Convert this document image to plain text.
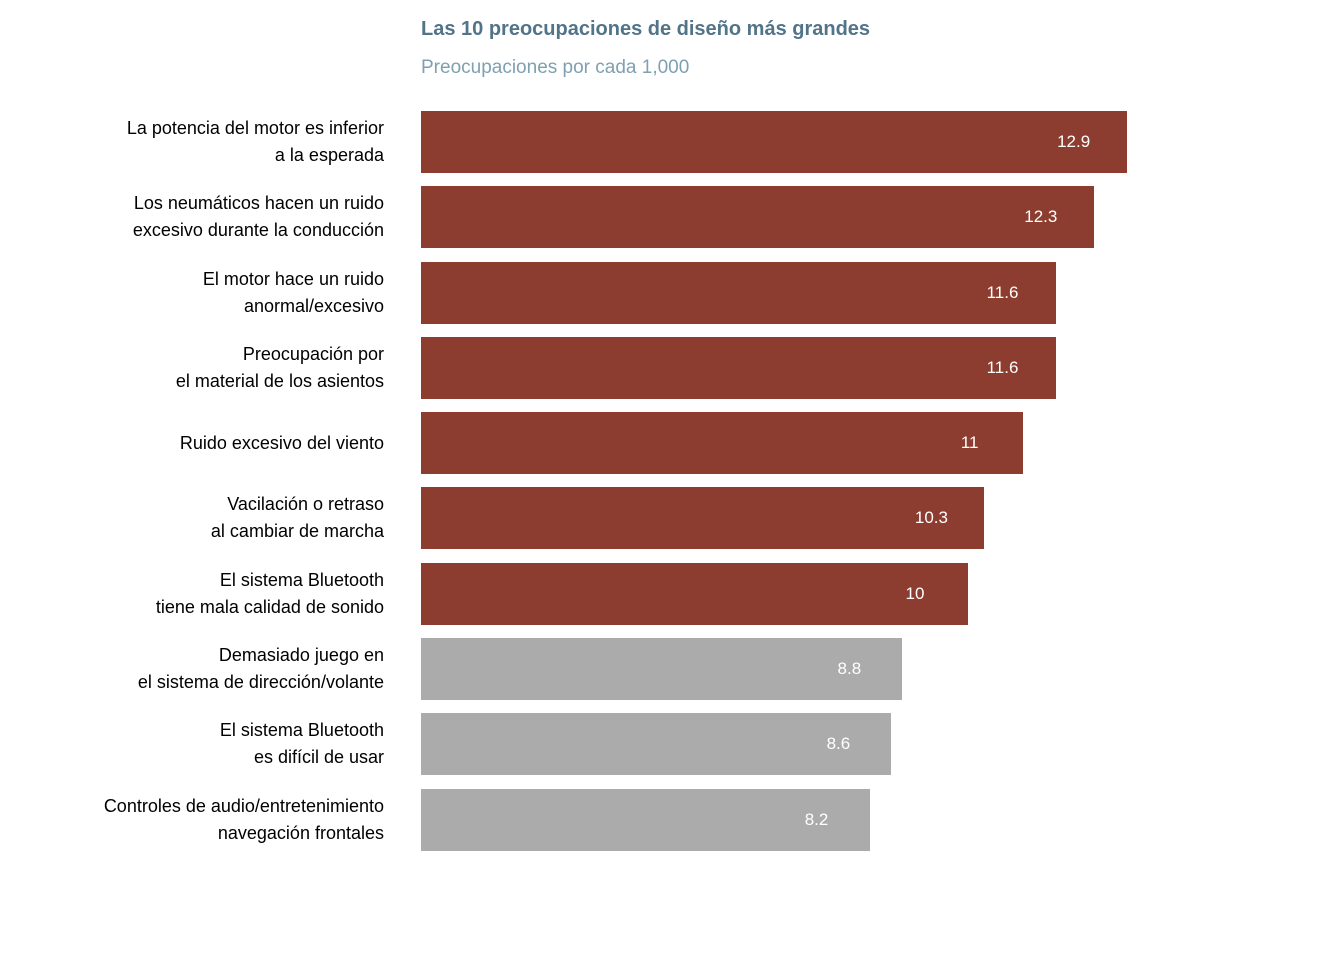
Las 10 preocupaciones de diseño más grandes
Preocupaciones por cada 1,000
La potencia del motor es inferior
a la esperada
12.9
Los neumáticos hacen un ruido
excesivo durante la conducción
12.3
El motor hace un ruido
anormal/excesivo
11.6
Preocupación por
el material de los asientos
11.6
Ruido excesivo del viento	11
Vacilación o retraso
al cambiar de marcha
10.3
El sistema Bluetooth
tiene mala calidad de sonido
10
Demasiado juego en
el sistema de dirección/volante
8.8
El sistema Bluetooth
es difícil de usar
8.6
Controles de audio/entretenimiento
navegación frontales
8.2
